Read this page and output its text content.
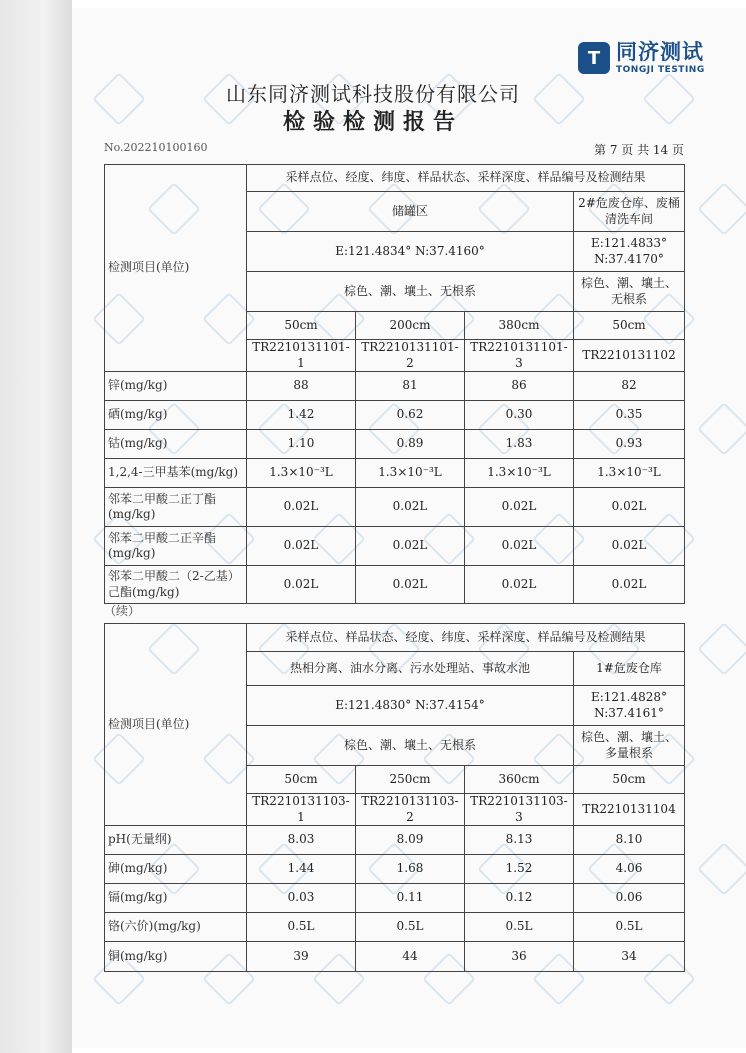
T 同济测试
TONGJI TESTING
山东同济测试科技股份有限公司
检验检测报告
No.202210100160	第 7 页 共 14 页
检测项目(单位)	采样点位、经度、纬度、样品状态、采样深度、样品编号及检测结果			
	储罐区			2#危废仓库、废桶清洗车间
	E:121.4834° N:37.4160°			E:121.4833° N:37.4170°
	棕色、潮、壤土、无根系			棕色、潮、壤土、无根系
	50cm	200cm	380cm	50cm
	TR2210131101-1	TR2210131101-2	TR2210131101-3	TR2210131102
锌(mg/kg)	88	81	86	82
硒(mg/kg)	1.42	0.62	0.30	0.35
钴(mg/kg)	1.10	0.89	1.83	0.93
1,2,4-三甲基苯(mg/kg)	1.3×10⁻³L	1.3×10⁻³L	1.3×10⁻³L	1.3×10⁻³L
邻苯二甲酸二正丁酯(mg/kg)	0.02L	0.02L	0.02L	0.02L
邻苯二甲酸二正辛酯(mg/kg)	0.02L	0.02L	0.02L	0.02L
邻苯二甲酸二（2-乙基）己酯(mg/kg)	0.02L	0.02L	0.02L	0.02L
（续）
检测项目(单位)	采样点位、样品状态、经度、纬度、采样深度、样品编号及检测结果			
	热相分离、油水分离、污水处理站、事故水池			1#危废仓库
	E:121.4830° N:37.4154°			E:121.4828° N:37.4161°
	棕色、潮、壤土、无根系			棕色、潮、壤土、多量根系
	50cm	250cm	360cm	50cm
	TR2210131103-1	TR2210131103-2	TR2210131103-3	TR2210131104
pH(无量纲)	8.03	8.09	8.13	8.10
砷(mg/kg)	1.44	1.68	1.52	4.06
镉(mg/kg)	0.03	0.11	0.12	0.06
铬(六价)(mg/kg)	0.5L	0.5L	0.5L	0.5L
铜(mg/kg)	39	44	36	34
